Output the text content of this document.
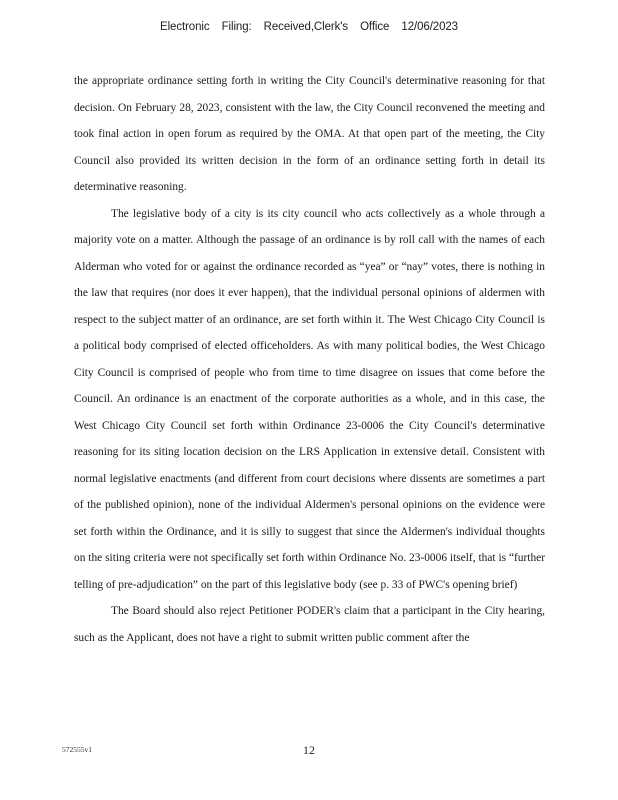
Electronic Filing: Received,Clerk's Office 12/06/2023

the appropriate ordinance setting forth in writing the City Council's determinative reasoning for that decision. On February 28, 2023, consistent with the law, the City Council reconvened the meeting and took final action in open forum as required by the OMA. At that open part of the meeting, the City Council also provided its written decision in the form of an ordinance setting forth in detail its determinative reasoning.

The legislative body of a city is its city council who acts collectively as a whole through a majority vote on a matter. Although the passage of an ordinance is by roll call with the names of each Alderman who voted for or against the ordinance recorded as “yea” or “nay” votes, there is nothing in the law that requires (nor does it ever happen), that the individual personal opinions of aldermen with respect to the subject matter of an ordinance, are set forth within it. The West Chicago City Council is a political body comprised of elected officeholders. As with many political bodies, the West Chicago City Council is comprised of people who from time to time disagree on issues that come before the Council. An ordinance is an enactment of the corporate authorities as a whole, and in this case, the West Chicago City Council set forth within Ordinance 23-0006 the City Council's determinative reasoning for its siting location decision on the LRS Application in extensive detail. Consistent with normal legislative enactments (and different from court decisions where dissents are sometimes a part of the published opinion), none of the individual Aldermen's personal opinions on the evidence were set forth within the Ordinance, and it is silly to suggest that since the Aldermen's individual thoughts on the siting criteria were not specifically set forth within Ordinance No. 23-0006 itself, that is “further telling of pre-adjudication” on the part of this legislative body (see p. 33 of PWC's opening brief)

The Board should also reject Petitioner PODER's claim that a participant in the City hearing, such as the Applicant, does not have a right to submit written public comment after the

572555v1	12
